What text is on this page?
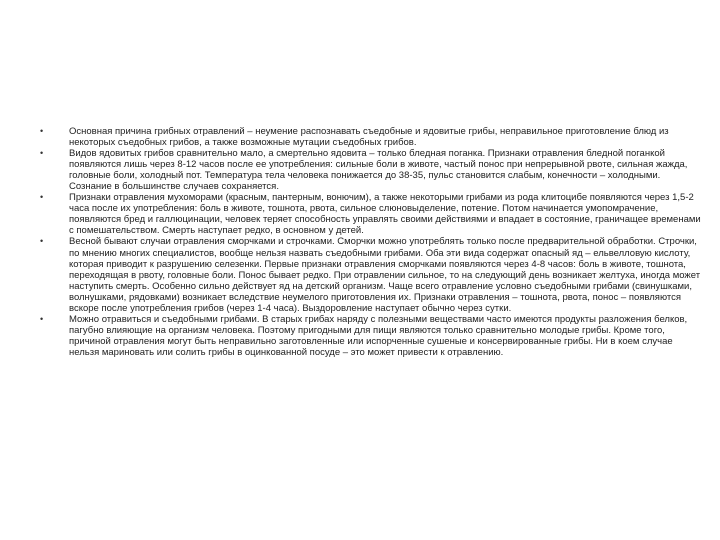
•	Основная причина грибных отравлений – неумение распознавать съедобные и ядовитые грибы, неправильное приготовление блюд из некоторых съедобных грибов, а также возможные мутации съедобных грибов.
•	Видов ядовитых грибов сравнительно мало, а смертельно ядовита – только бледная поганка. Признаки отравления бледной поганкой появляются лишь через 8-12 часов после ее употребления: сильные боли в животе, частый понос при непрерывной рвоте, сильная жажда, головные боли, холодный пот. Температура тела человека понижается до 38-35, пульс становится слабым, конечности – холодными. Сознание в большинстве случаев сохраняется.
•	Признаки отравления мухоморами (красным, пантерным, вонючим), а также некоторыми грибами из рода клитоцибе появляются через 1,5-2 часа после их употребления: боль в животе, тошнота, рвота, сильное слюновыделение, потение. Потом начинается умопомрачение, появляются бред и галлюцинации, человек теряет способность управлять своими действиями и впадает в состояние, граничащее временами с помешательством. Смерть наступает редко, в основном у детей.
•	Весной бывают случаи отравления сморчками и строчками. Сморчки можно употреблять только после предварительной обработки. Строчки, по мнению многих специалистов, вообще нельзя назвать съедобными грибами. Оба эти вида содержат опасный яд – ельвелловую кислоту, которая приводит к разрушению селезенки. Первые признаки отравления сморчками появляются через 4-8 часов: боль в животе, тошнота, переходящая в рвоту, головные боли. Понос бывает редко. При отравлении сильное, то на следующий день возникает желтуха, иногда может наступить смерть. Особенно сильно действует яд на детский организм. Чаще всего отравление условно съедобными грибами (свинушками, волнушками, рядовками) возникает вследствие неумелого приготовления их. Признаки отравления – тошнота, рвота, понос – появляются вскоре после употребления грибов (через 1-4 часа). Выздоровление наступает обычно через сутки.
•	Можно отравиться и съедобными грибами. В старых грибах наряду с полезными веществами часто имеются продукты разложения белков, пагубно влияющие на организм человека. Поэтому пригодными для пищи являются только сравнительно молодые грибы. Кроме того, причиной отравления могут быть неправильно заготовленные или испорченные сушеные и консервированные грибы. Ни в коем случае нельзя мариновать или солить грибы в оцинкованной посуде – это может привести к отравлению.
